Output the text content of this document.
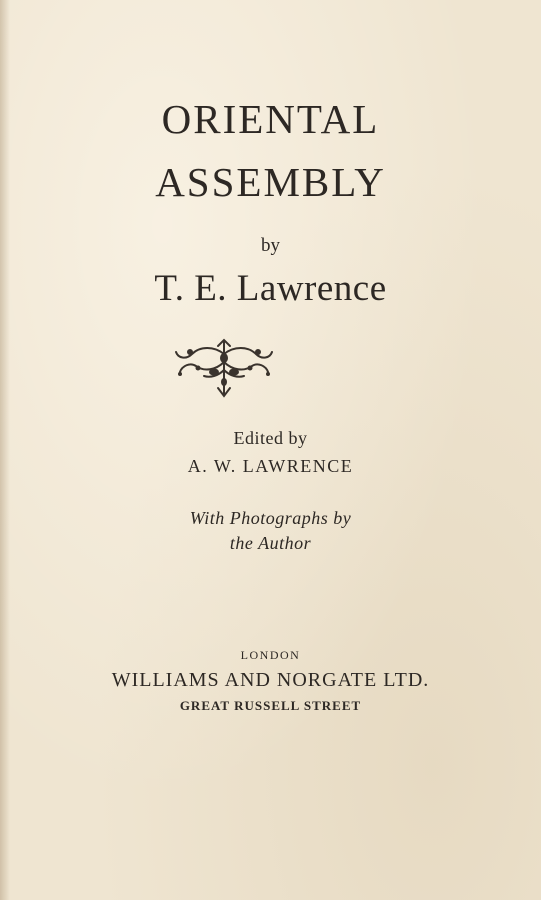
ORIENTAL
ASSEMBLY

by

T. E. Lawrence

Edited by

A. W. LAWRENCE

With Photographs by

the Author

LONDON

WILLIAMS AND NORGATE LTD.

GREAT RUSSELL STREET
